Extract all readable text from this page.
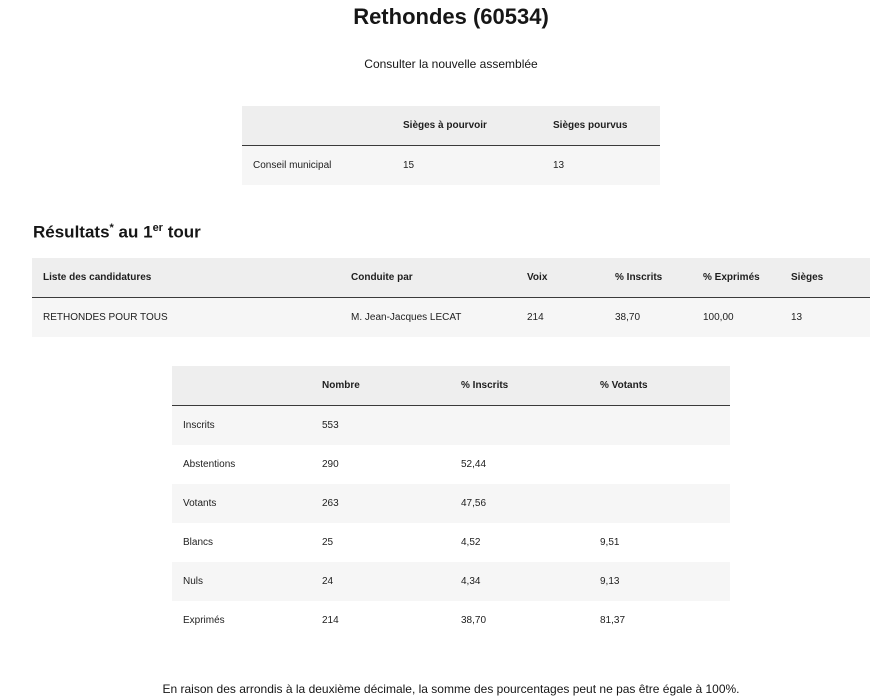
Rethondes (60534)
Consulter la nouvelle assemblée
	Sièges à pourvoir	Sièges pourvus
Conseil municipal	15	13
Résultats* au 1er tour
Liste des candidatures	Conduite par	Voix	% Inscrits	% Exprimés	Sièges
RETHONDES POUR TOUS	M. Jean-Jacques LECAT	214	38,70	100,00	13
	Nombre	% Inscrits	% Votants
Inscrits	553		
Abstentions	290	52,44	
Votants	263	47,56	
Blancs	25	4,52	9,51
Nuls	24	4,34	9,13
Exprimés	214	38,70	81,37

En raison des arrondis à la deuxième décimale, la somme des pourcentages peut ne pas être égale à 100%.
